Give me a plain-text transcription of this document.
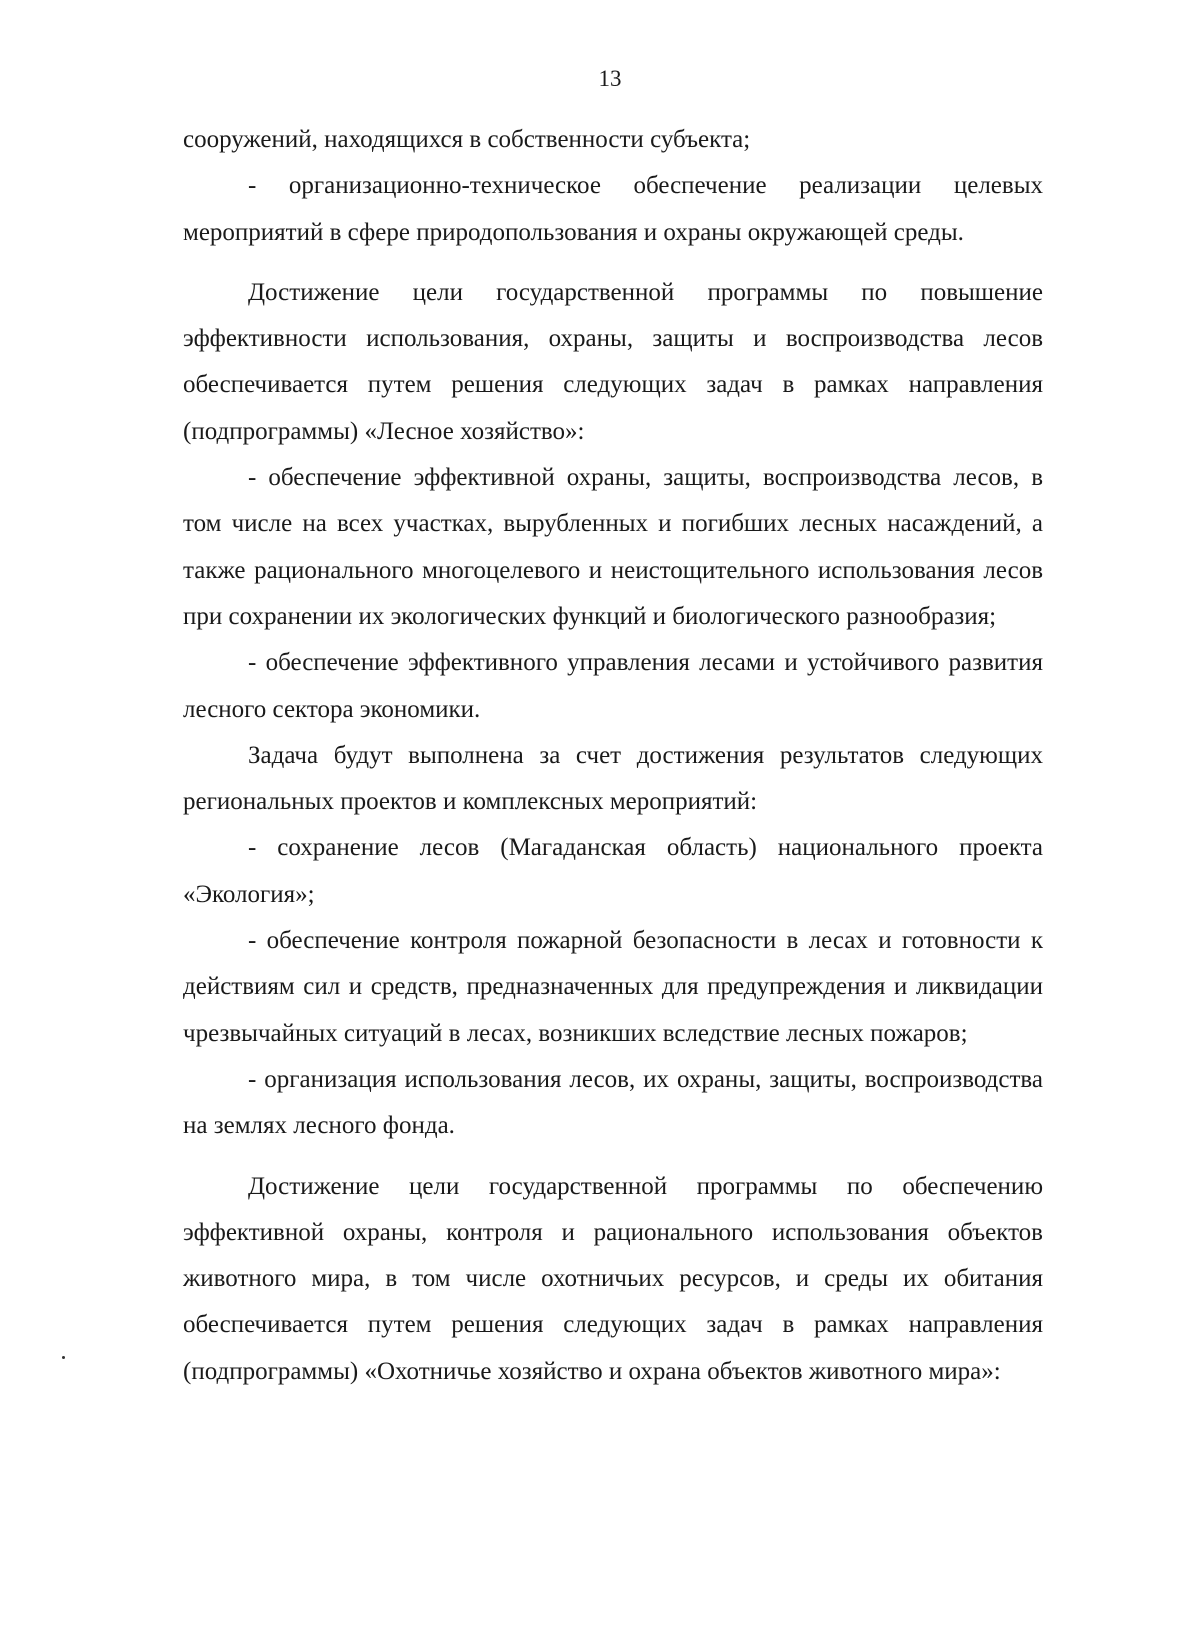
13

сооружений, находящихся в собственности субъекта;

- организационно-техническое обеспечение реализации целевых мероприятий в сфере природопользования и охраны окружающей среды.

Достижение цели государственной программы по повышение эффективности использования, охраны, защиты и воспроизводства лесов обеспечивается путем решения следующих задач в рамках направления (подпрограммы) «Лесное хозяйство»:

- обеспечение эффективной охраны, защиты, воспроизводства лесов, в том числе на всех участках, вырубленных и погибших лесных насаждений, а также рационального многоцелевого и неистощительного использования лесов при сохранении их экологических функций и биологического разнообразия;

- обеспечение эффективного управления лесами и устойчивого развития лесного сектора экономики.

Задача будут выполнена за счет достижения результатов следующих региональных проектов и комплексных мероприятий:

- сохранение лесов (Магаданская область) национального проекта «Экология»;

- обеспечение контроля пожарной безопасности в лесах и готовности к действиям сил и средств, предназначенных для предупреждения и ликвидации чрезвычайных ситуаций в лесах, возникших вследствие лесных пожаров;

- организация использования лесов, их охраны, защиты, воспроизводства на землях лесного фонда.

Достижение цели государственной программы по обеспечению эффективной охраны, контроля и рационального использования объектов животного мира, в том числе охотничьих ресурсов, и среды их обитания обеспечивается путем решения следующих задач в рамках направления (подпрограммы) «Охотничье хозяйство и охрана объектов животного мира»:
